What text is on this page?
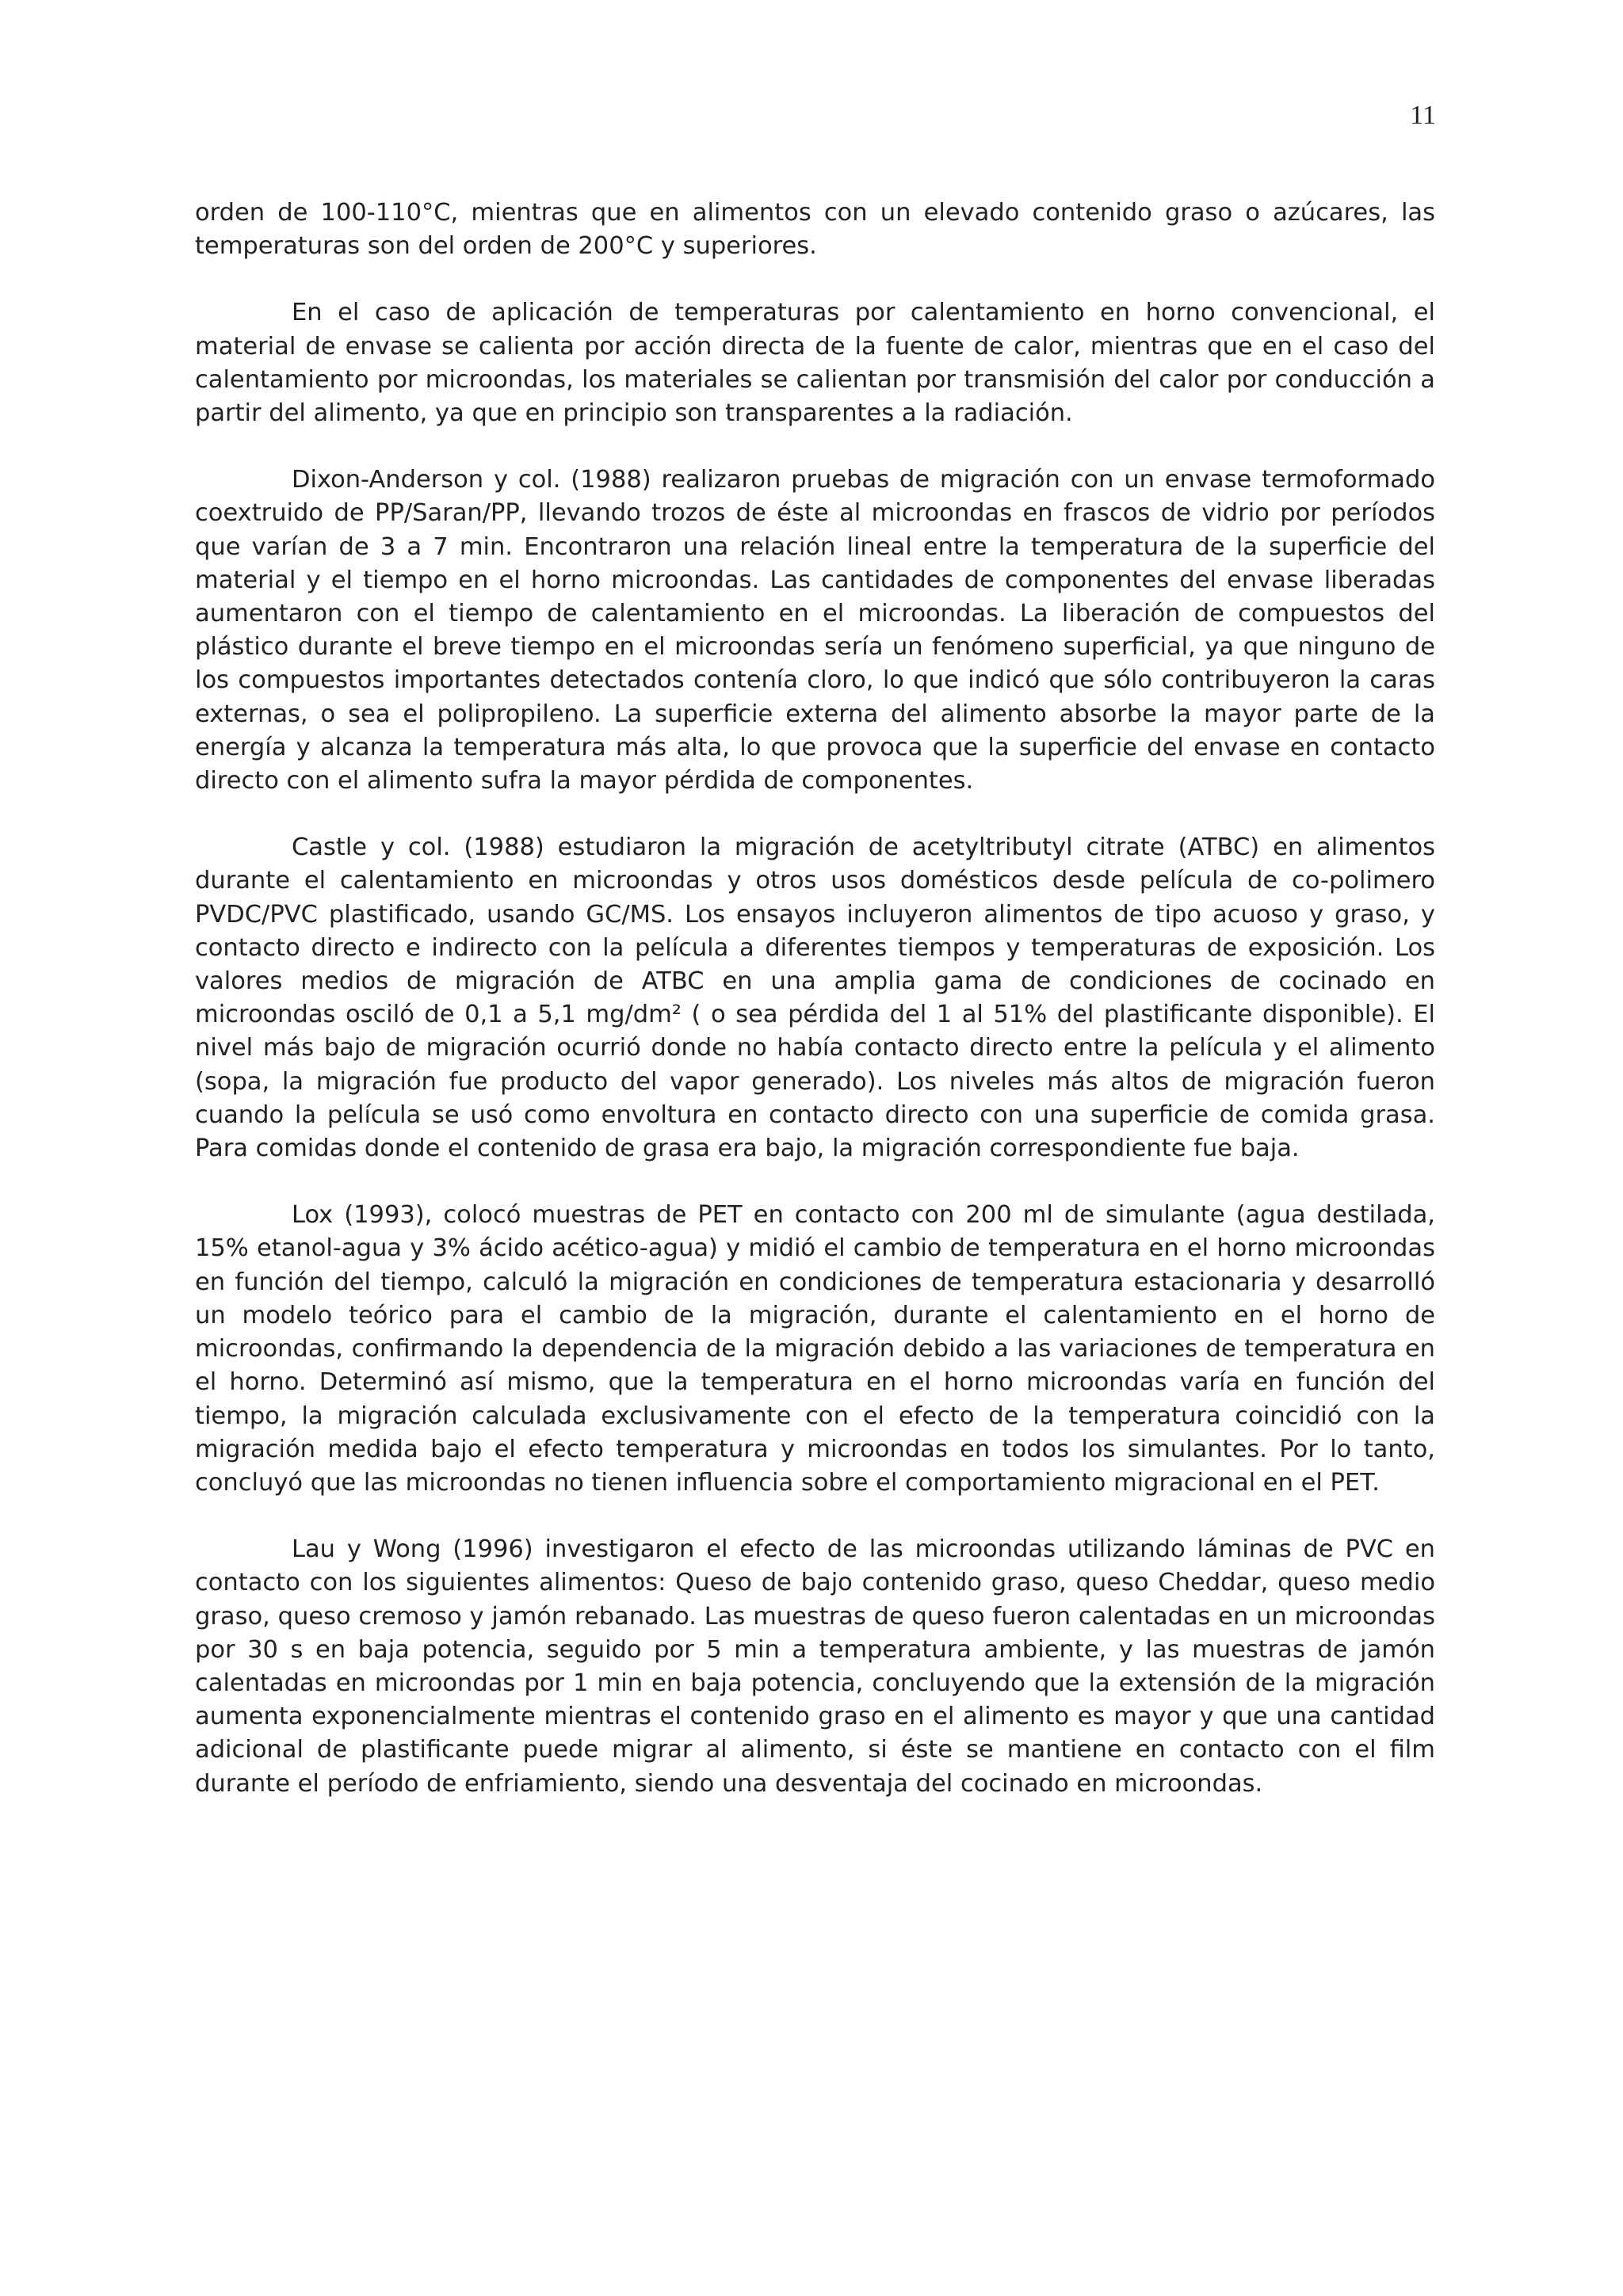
11

orden de 100-110°C, mientras que en alimentos con un elevado contenido graso o azúcares, las temperaturas son del orden de 200°C y superiores.

En el caso de aplicación de temperaturas por calentamiento en horno convencional, el material de envase se calienta por acción directa de la fuente de calor, mientras que en el caso del calentamiento por microondas, los materiales se calientan por transmisión del calor por conducción a partir del alimento, ya que en principio son transparentes a la radiación.

Dixon-Anderson y col. (1988) realizaron pruebas de migración con un envase termoformado coextruido de PP/Saran/PP, llevando trozos de éste al microondas en frascos de vidrio por períodos que varían de 3 a 7 min. Encontraron una relación lineal entre la temperatura de la superficie del material y el tiempo en el horno microondas. Las cantidades de componentes del envase liberadas aumentaron con el tiempo de calentamiento en el microondas. La liberación de compuestos del plástico durante el breve tiempo en el microondas sería un fenómeno superficial, ya que ninguno de los compuestos importantes detectados contenía cloro, lo que indicó que sólo contribuyeron la caras externas, o sea el polipropileno. La superficie externa del alimento absorbe la mayor parte de la energía y alcanza la temperatura más alta, lo que provoca que la superficie del envase en contacto directo con el alimento sufra la mayor pérdida de componentes.

Castle y col. (1988) estudiaron la migración de acetyltributyl citrate (ATBC) en alimentos durante el calentamiento en microondas y otros usos domésticos desde película de co-polimero PVDC/PVC plastificado, usando GC/MS. Los ensayos incluyeron alimentos de tipo acuoso y graso, y contacto directo e indirecto con la película a diferentes tiempos y temperaturas de exposición. Los valores medios de migración de ATBC en una amplia gama de condiciones de cocinado en microondas osciló de 0,1 a 5,1 mg/dm² ( o sea pérdida del 1 al 51% del plastificante disponible). El nivel más bajo de migración ocurrió donde no había contacto directo entre la película y el alimento (sopa, la migración fue producto del vapor generado). Los niveles más altos de migración fueron cuando la película se usó como envoltura en contacto directo con una superficie de comida grasa. Para comidas donde el contenido de grasa era bajo, la migración correspondiente fue baja.

Lox (1993), colocó muestras de PET en contacto con 200 ml de simulante (agua destilada, 15% etanol-agua y 3% ácido acético-agua) y midió el cambio de temperatura en el horno microondas en función del tiempo, calculó la migración en condiciones de temperatura estacionaria y desarrolló un modelo teórico para el cambio de la migración, durante el calentamiento en el horno de microondas, confirmando la dependencia de la migración debido a las variaciones de temperatura en el horno. Determinó así mismo, que la temperatura en el horno microondas varía en función del tiempo, la migración calculada exclusivamente con el efecto de la temperatura coincidió con la migración medida bajo el efecto temperatura y microondas en todos los simulantes. Por lo tanto, concluyó que las microondas no tienen influencia sobre el comportamiento migracional en el PET.

Lau y Wong (1996) investigaron el efecto de las microondas utilizando láminas de PVC en contacto con los siguientes alimentos: Queso de bajo contenido graso, queso Cheddar, queso medio graso, queso cremoso y jamón rebanado. Las muestras de queso fueron calentadas en un microondas por 30 s en baja potencia, seguido por 5 min a temperatura ambiente, y las muestras de jamón calentadas en microondas por 1 min en baja potencia, concluyendo que la extensión de la migración aumenta exponencialmente mientras el contenido graso en el alimento es mayor y que una cantidad adicional de plastificante puede migrar al alimento, si éste se mantiene en contacto con el film durante el período de enfriamiento, siendo una desventaja del cocinado en microondas.
